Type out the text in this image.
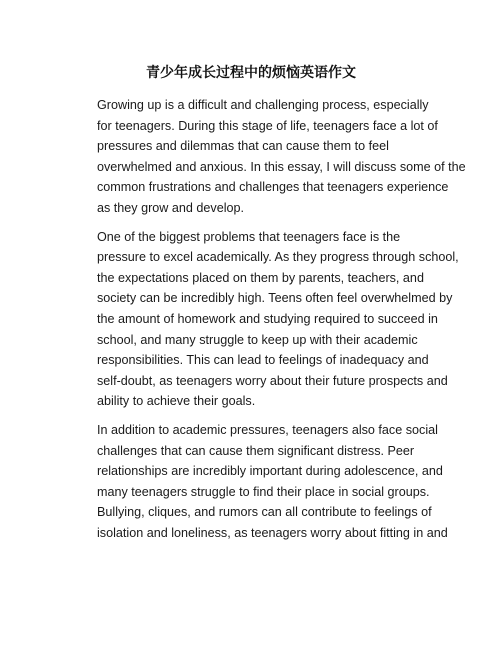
青少年成长过程中的烦恼英语作文

Growing up is a difficult and challenging process, especially
for teenagers. During this stage of life, teenagers face a lot of
pressures and dilemmas that can cause them to feel
overwhelmed and anxious. In this essay, I will discuss some of the
common frustrations and challenges that teenagers experience
as they grow and develop.

One of the biggest problems that teenagers face is the
pressure to excel academically. As they progress through school,
the expectations placed on them by parents, teachers, and
society can be incredibly high. Teens often feel overwhelmed by
the amount of homework and studying required to succeed in
school, and many struggle to keep up with their academic
responsibilities. This can lead to feelings of inadequacy and
self-doubt, as teenagers worry about their future prospects and
ability to achieve their goals.

In addition to academic pressures, teenagers also face social
challenges that can cause them significant distress. Peer
relationships are incredibly important during adolescence, and
many teenagers struggle to find their place in social groups.
Bullying, cliques, and rumors can all contribute to feelings of
isolation and loneliness, as teenagers worry about fitting in and
